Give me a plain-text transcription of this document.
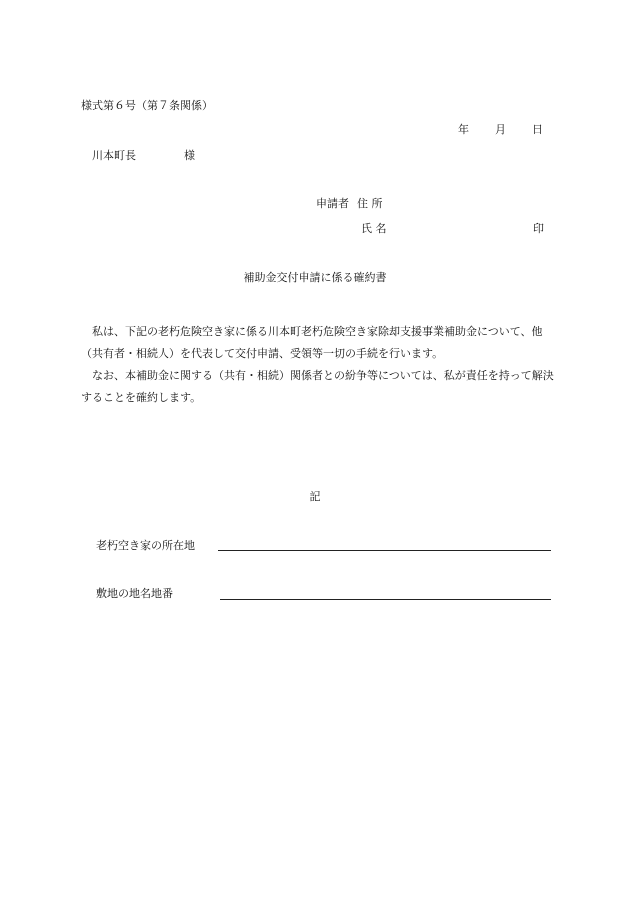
様式第６号（第７条関係）
年 月 日
川本町長	様
申請者 住 所
氏 名	印
補助金交付申請に係る確約書

　私は、下記の老朽危険空き家に係る川本町老朽危険空き家除却支援事業補助金について、他（共有者・相続人）を代表して交付申請、受領等一切の手続を行います。

　なお、本補助金に関する（共有・相続）関係者との紛争等については、私が責任を持って解決することを確約します。

記
老朽空き家の所在地
敷地の地名地番
